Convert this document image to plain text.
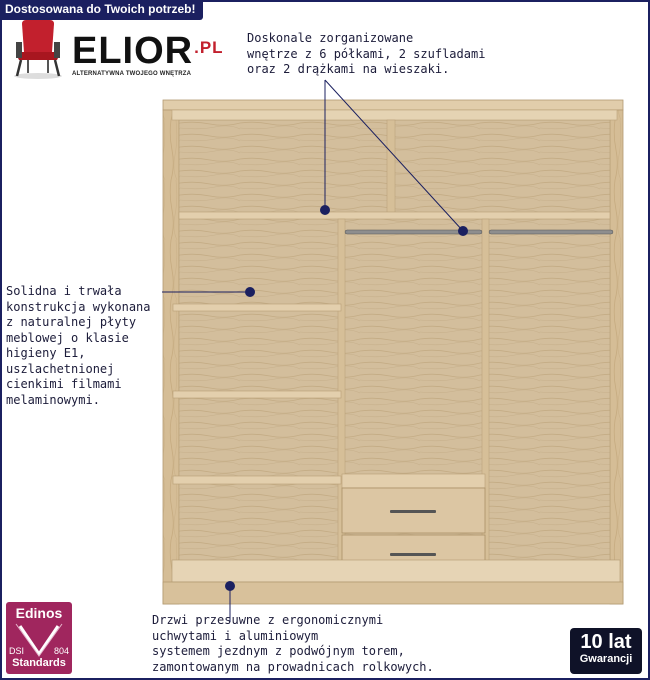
Dostosowana do Twoich potrzeb!
$ELIOR^{.PL}$
ALTERNATYWNA TWOJEGO WNĘTRZA
Doskonale zorganizowane
wnętrze z 6 półkami, 2 szufladami
oraz 2 drążkami na wieszaki.
Solidna i trwała
konstrukcja wykonana
z naturalnej płyty
meblowej o klasie
higieny E1,
uszlachetnionej
cienkimi filmami
melaminowymi.
Drzwi przesuwne z ergonomicznymi
uchwytami i aluminiowym
systemem jezdnym z podwójnym torem,
zamontowanym na prowadnicach rolkowych.
Edinos
DSI	804
Standards
10 lat
Gwarancji
